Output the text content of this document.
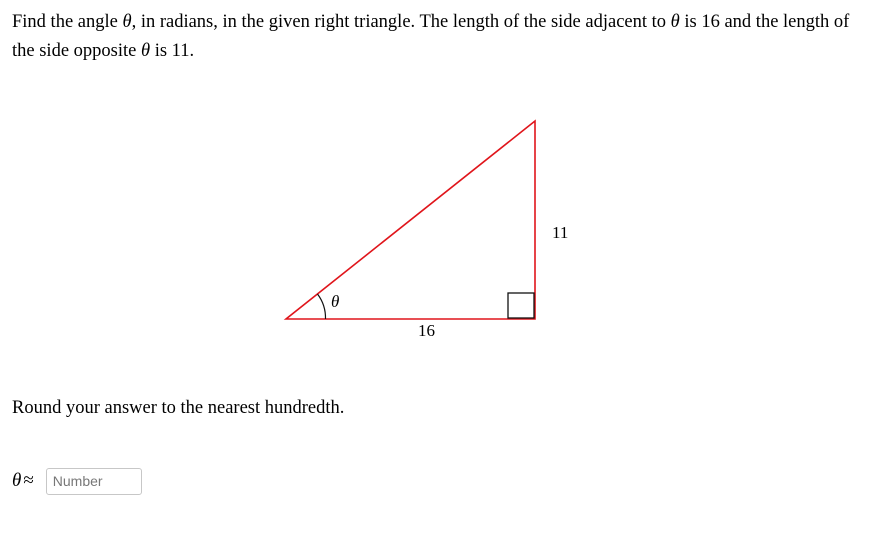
Find the angle θ, in radians, in the given right triangle. The length of the side adjacent to θ is 16 and the length of the side opposite θ is 11.
θ
16
11
Round your answer to the nearest hundredth.
θ ≈
Number
